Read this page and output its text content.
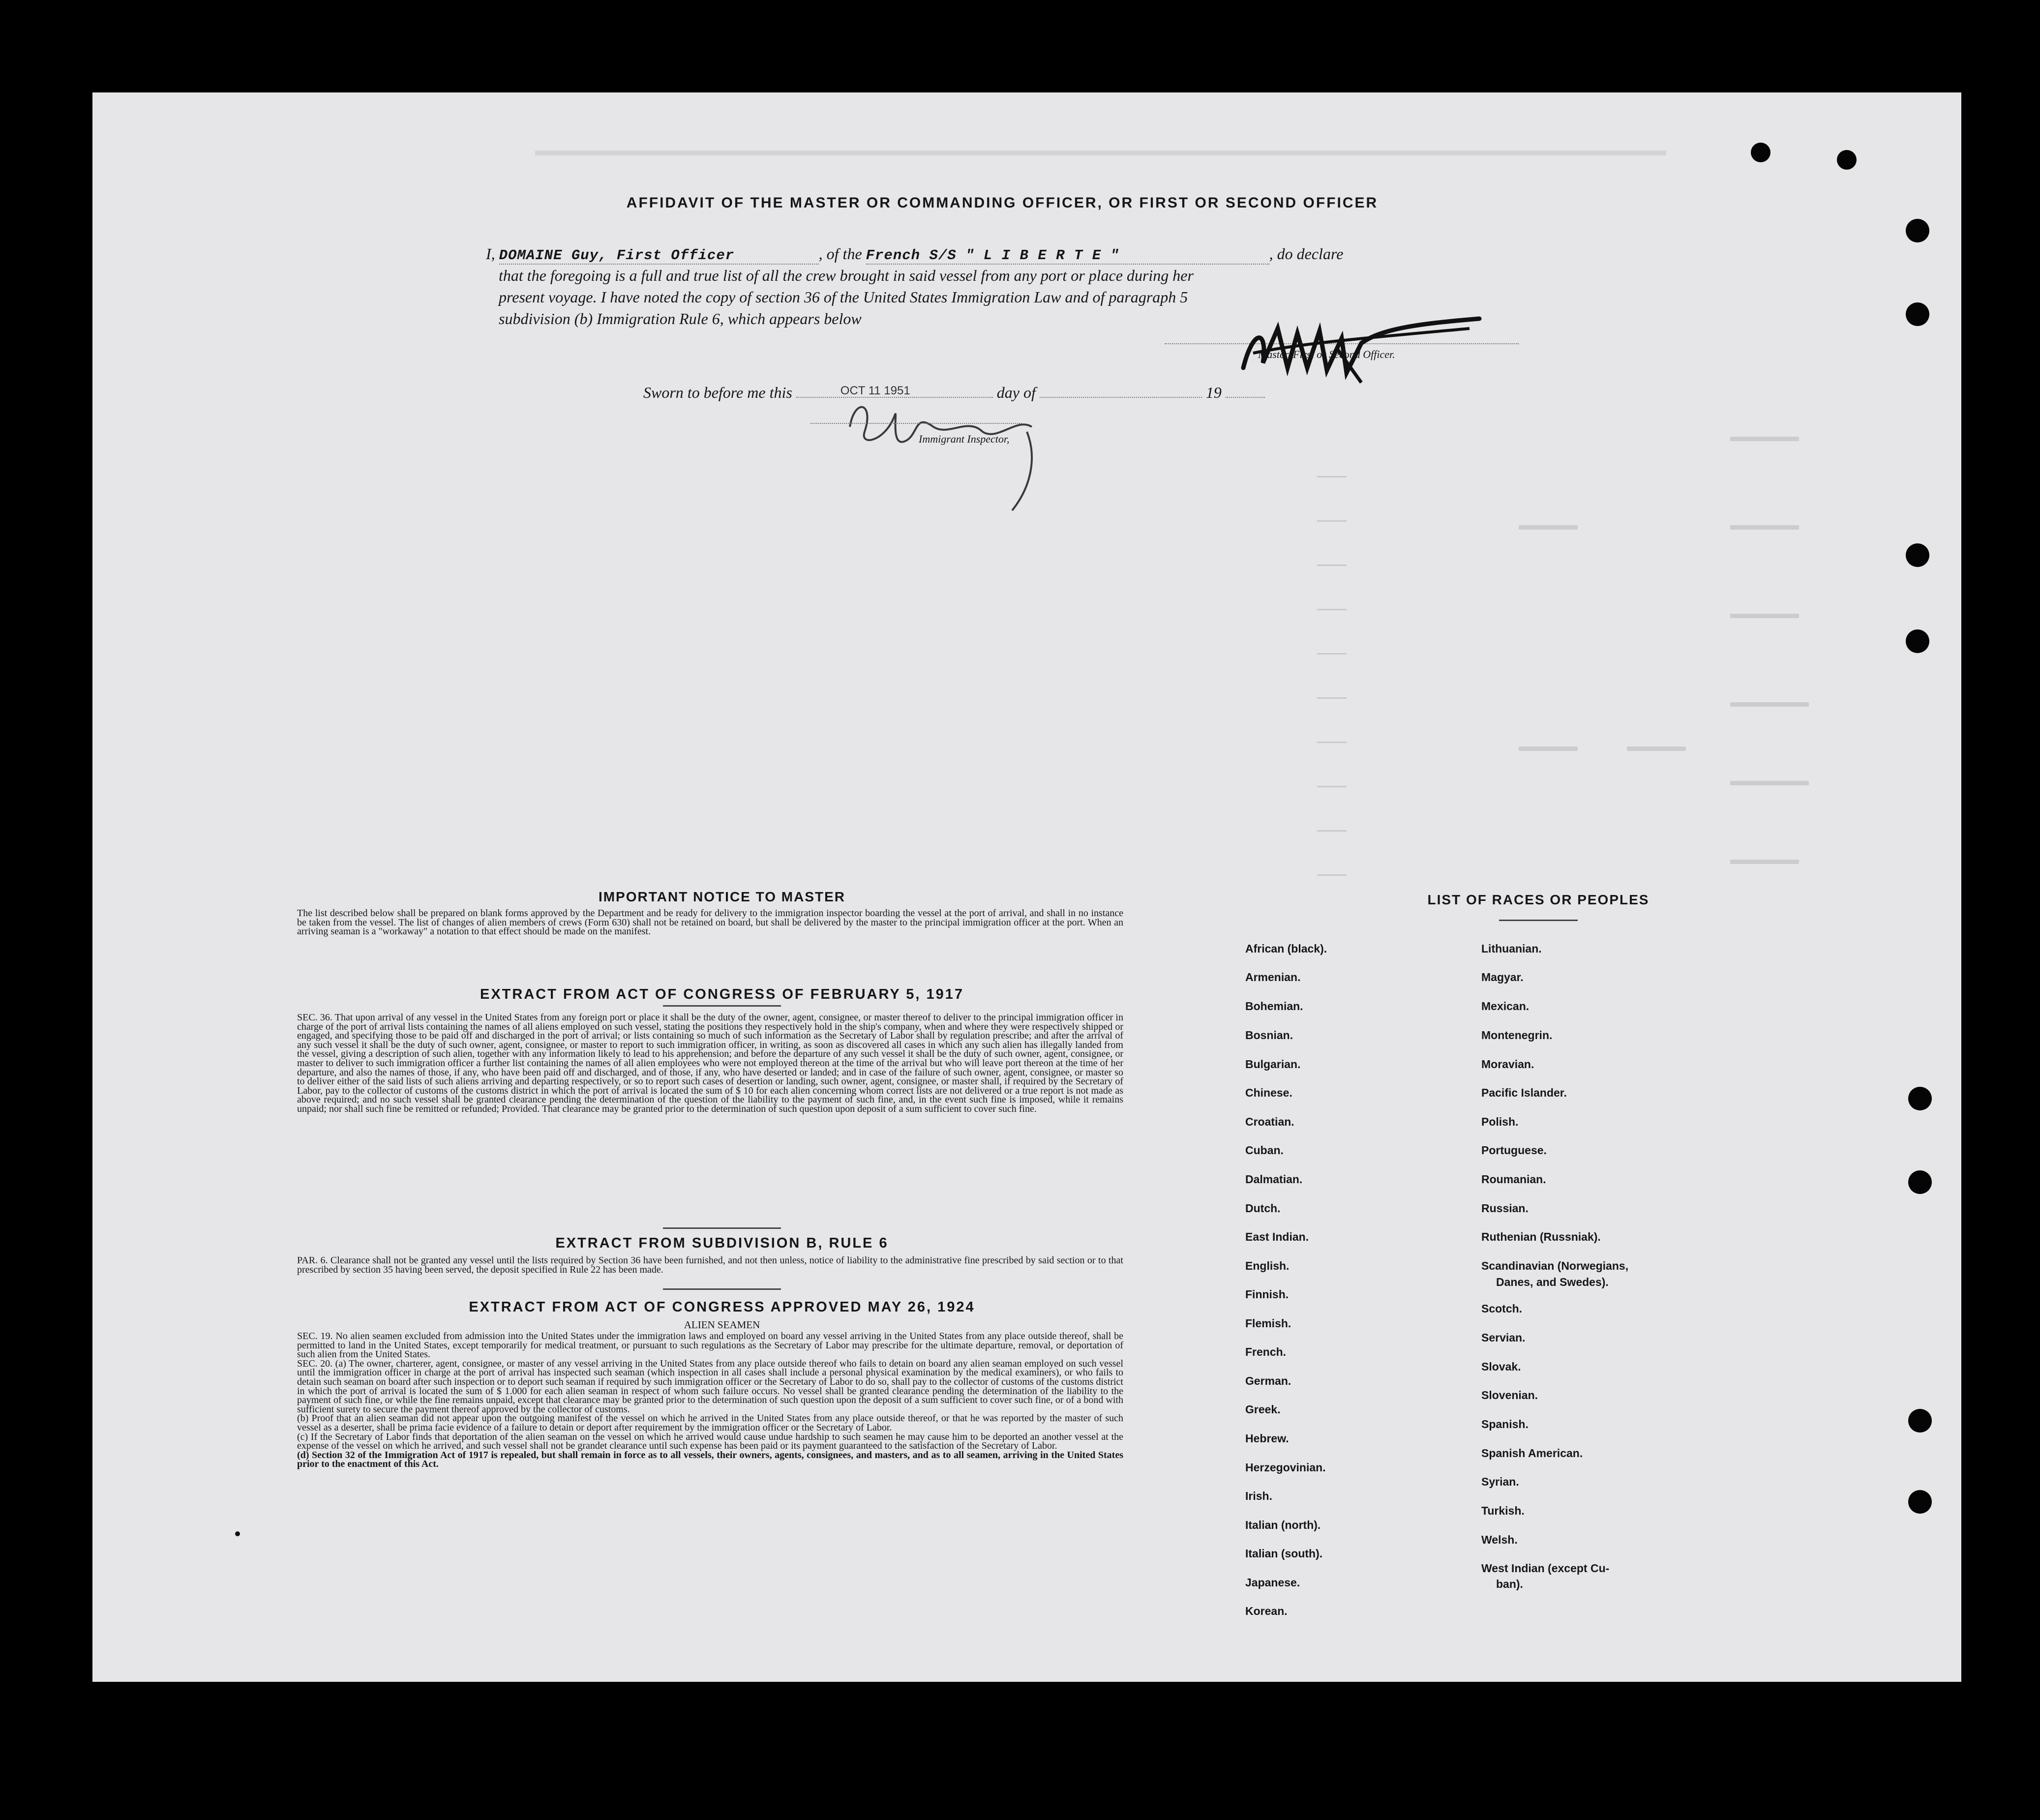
AFFIDAVIT OF THE MASTER OR COMMANDING OFFICER, OR FIRST OR SECOND OFFICER
I, DOMAINE Guy, First Officer	, of the French S/S " L I B E R T E "	, do declare
that the foregoing is a full and true list of all the crew brought in said vessel from any port or place during her
present voyage. I have noted the copy of section 36 of the United States Immigration Law and of paragraph 5
subdivision (b) Immigration Rule 6, which appears below
Master, First or Second Officer.
Sworn to before me this	OCT 11 1951	day of	19
Immigrant Inspector,
IMPORTANT NOTICE TO MASTER
The list described below shall be prepared on blank forms approved by the Department and be ready for delivery to the immigration inspector boarding the vessel at the port of arrival, and shall in no instance be taken from the vessel. The list of changes of alien members of crews (Form 630) shall not be retained on board, but shall be delivered by the master to the principal immigration officer at the port. When an arriving seaman is a "workaway" a notation to that effect should be made on the manifest.
EXTRACT FROM ACT OF CONGRESS OF FEBRUARY 5, 1917
SEC. 36. That upon arrival of any vessel in the United States from any foreign port or place it shall be the duty of the owner, agent, consignee, or master thereof to deliver to the principal immigration officer in charge of the port of arrival lists containing the names of all aliens employed on such vessel, stating the positions they respectively hold in the ship's company, when and where they were respectively shipped or engaged, and specifying those to be paid off and discharged in the port of arrival; or lists containing so much of such information as the Secretary of Labor shall by regulation prescribe; and after the arrival of any such vessel it shall be the duty of such owner, agent, consignee, or master to report to such immigration officer, in writing, as soon as discovered all cases in which any such alien has illegally landed from the vessel, giving a description of such alien, together with any information likely to lead to his apprehension; and before the departure of any such vessel it shall be the duty of such owner, agent, consignee, or master to deliver to such immigration officer a further list containing the names of all alien employees who were not employed thereon at the time of the arrival but who will leave port thereon at the time of her departure, and also the names of those, if any, who have been paid off and discharged, and of those, if any, who have deserted or landed; and in case of the failure of such owner, agent, consignee, or master so to deliver either of the said lists of such aliens arriving and departing respectively, or so to report such cases of desertion or landing, such owner, agent, consignee, or master shall, if required by the Secretary of Labor, pay to the collector of customs of the customs district in which the port of arrival is located the sum of $ 10 for each alien concerning whom correct lists are not delivered or a true report is not made as above required; and no such vessel shall be granted clearance pending the determination of the question of the liability to the payment of such fine, and, in the event such fine is imposed, while it remains unpaid; nor shall such fine be remitted or refunded; Provided. That clearance may be granted prior to the determination of such question upon deposit of a sum sufficient to cover such fine.
EXTRACT FROM SUBDIVISION B, RULE 6
PAR. 6. Clearance shall not be granted any vessel until the lists required by Section 36 have been furnished, and not then unless, notice of liability to the administrative fine prescribed by said section or to that prescribed by section 35 having been served, the deposit specified in Rule 22 has been made.
EXTRACT FROM ACT OF CONGRESS APPROVED MAY 26, 1924
ALIEN SEAMEN
SEC. 19. No alien seamen excluded from admission into the United States under the immigration laws and employed on board any vessel arriving in the United States from any place outside thereof, shall be permitted to land in the United States, except temporarily for medical treatment, or pursuant to such regulations as the Secretary of Labor may prescribe for the ultimate departure, removal, or deportation of such alien from the United States.
SEC. 20. (a) The owner, charterer, agent, consignee, or master of any vessel arriving in the United States from any place outside thereof who fails to detain on board any alien seaman employed on such vessel until the immigration officer in charge at the port of arrival has inspected such seaman (which inspection in all cases shall include a personal physical examination by the medical examiners), or who fails to detain such seaman on board after such inspection or to deport such seaman if required by such immigration officer or the Secretary of Labor to do so, shall pay to the collector of customs of the customs district in which the port of arrival is located the sum of $ 1.000 for each alien seaman in respect of whom such failure occurs. No vessel shall be granted clearance pending the determination of the liability to the payment of such fine, or while the fine remains unpaid, except that clearance may be granted prior to the determination of such question upon the deposit of a sum sufficient to cover such fine, or of a bond with sufficient surety to secure the payment thereof approved by the collector of customs.
(b) Proof that an alien seaman did not appear upon the outgoing manifest of the vessel on which he arrived in the United States from any place outside thereof, or that he was reported by the master of such vessel as a deserter, shall be prima facie evidence of a failure to detain or deport after requirement by the immigration officer or the Secretary of Labor.
(c) If the Secretary of Labor finds that deportation of the alien seaman on the vessel on which he arrived would cause undue hardship to such seamen he may cause him to be deported an another vessel at the expense of the vessel on which he arrived, and such vessel shall not be grandet clearance until such expense has been paid or its payment guaranteed to the satisfaction of the Secretary of Labor.
(d) Section 32 of the Immigration Act of 1917 is repealed, but shall remain in force as to all vessels, their owners, agents, consignees, and masters, and as to all seamen, arriving in the United States prior to the enactment of this Act.
LIST OF RACES OR PEOPLES
African (black).
Armenian.
Bohemian.
Bosnian.
Bulgarian.
Chinese.
Croatian.
Cuban.
Dalmatian.
Dutch.
East Indian.
English.
Finnish.
Flemish.
French.
German.
Greek.
Hebrew.
Herzegovinian.
Irish.
Italian (north).
Italian (south).
Japanese.
Korean.
Lithuanian.
Magyar.
Mexican.
Montenegrin.
Moravian.
Pacific Islander.
Polish.
Portuguese.
Roumanian.
Russian.
Ruthenian (Russniak).
Scandinavian (Norwegians,
Danes, and Swedes).
Scotch.
Servian.
Slovak.
Slovenian.
Spanish.
Spanish American.
Syrian.
Turkish.
Welsh.
West Indian (except Cu-
ban).
